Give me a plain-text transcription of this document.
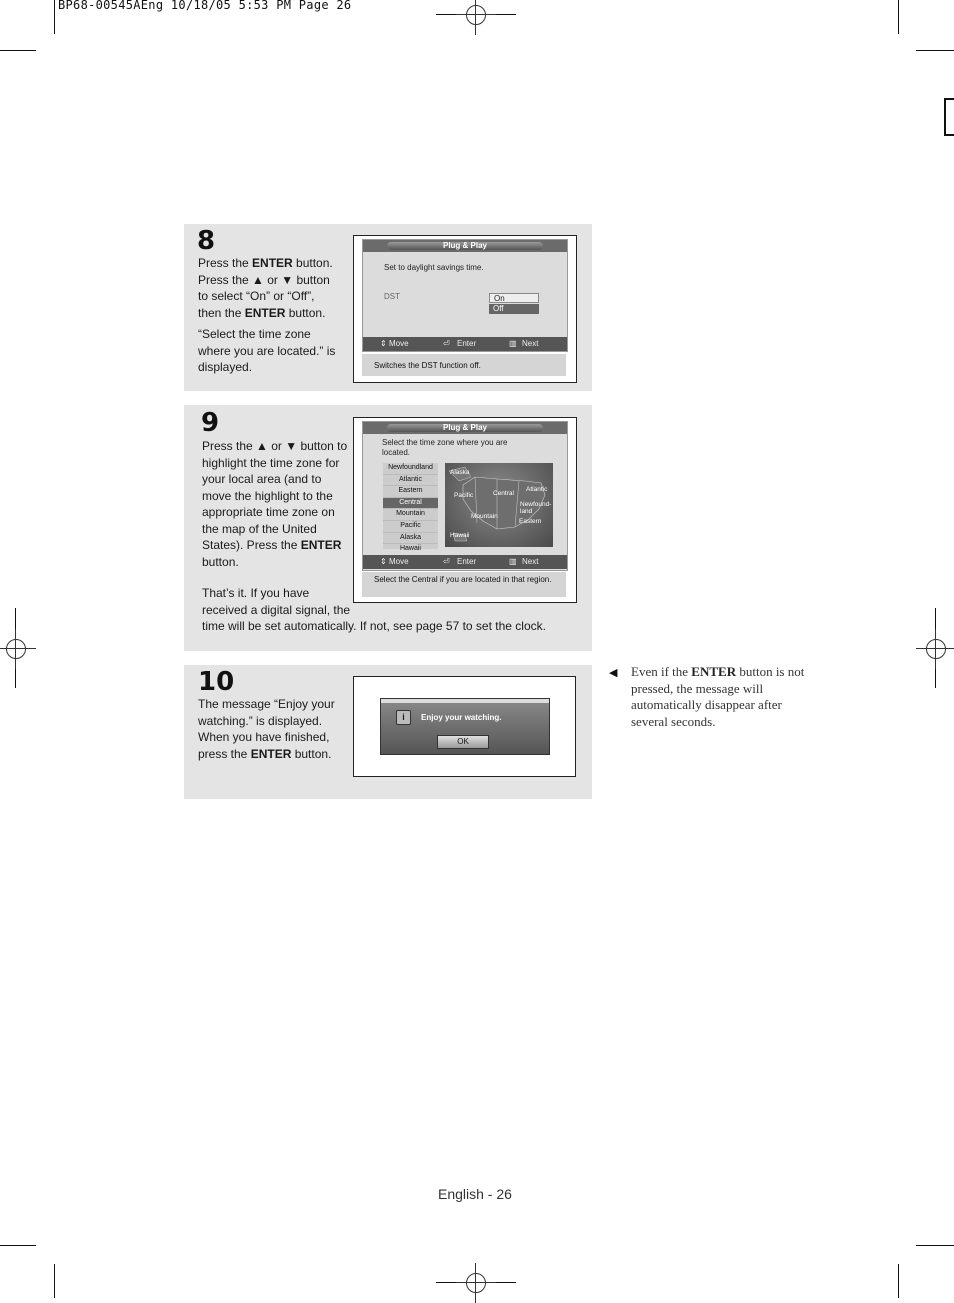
BP68-00545AEng 10/18/05 5:53 PM Page 26
8

Press the ENTER button. Press the ▲ or ▼ button to select “On” or “Off”, then the ENTER button.

“Select the time zone where you are located.” is displayed.

Plug & Play
Set to daylight savings time.
DST	On
Off
⇕ Move	⏎ Enter	▥ Next
Switches the DST function off.
9

Press the ▲ or ▼ button to highlight the time zone for your local area (and to move the highlight to the appropriate time zone on the map of the United States). Press the ENTER button.

That’s it. If you have
received a digital signal, the
time will be set automatically. If not, see page 57 to set the clock.
Plug & Play
Select the time zone where you are located.
Newfoundland
Atlantic
Eastern
Central
Mountain
Pacific
Alaska
Hawaii
Alaska
Pacific	Central
Atlantic
Newfound-land
Mountain
Eastern
Hawaii
⇕ Move	⏎ Enter	▥ Next
Select the Central if you are located in that region.
10

The message “Enjoy your watching.” is displayed. When you have finished, press the ENTER button.

i	Enjoy your watching.
OK
◀ Even if the ENTER button is not pressed, the message will automatically disappear after several seconds.
English - 26
